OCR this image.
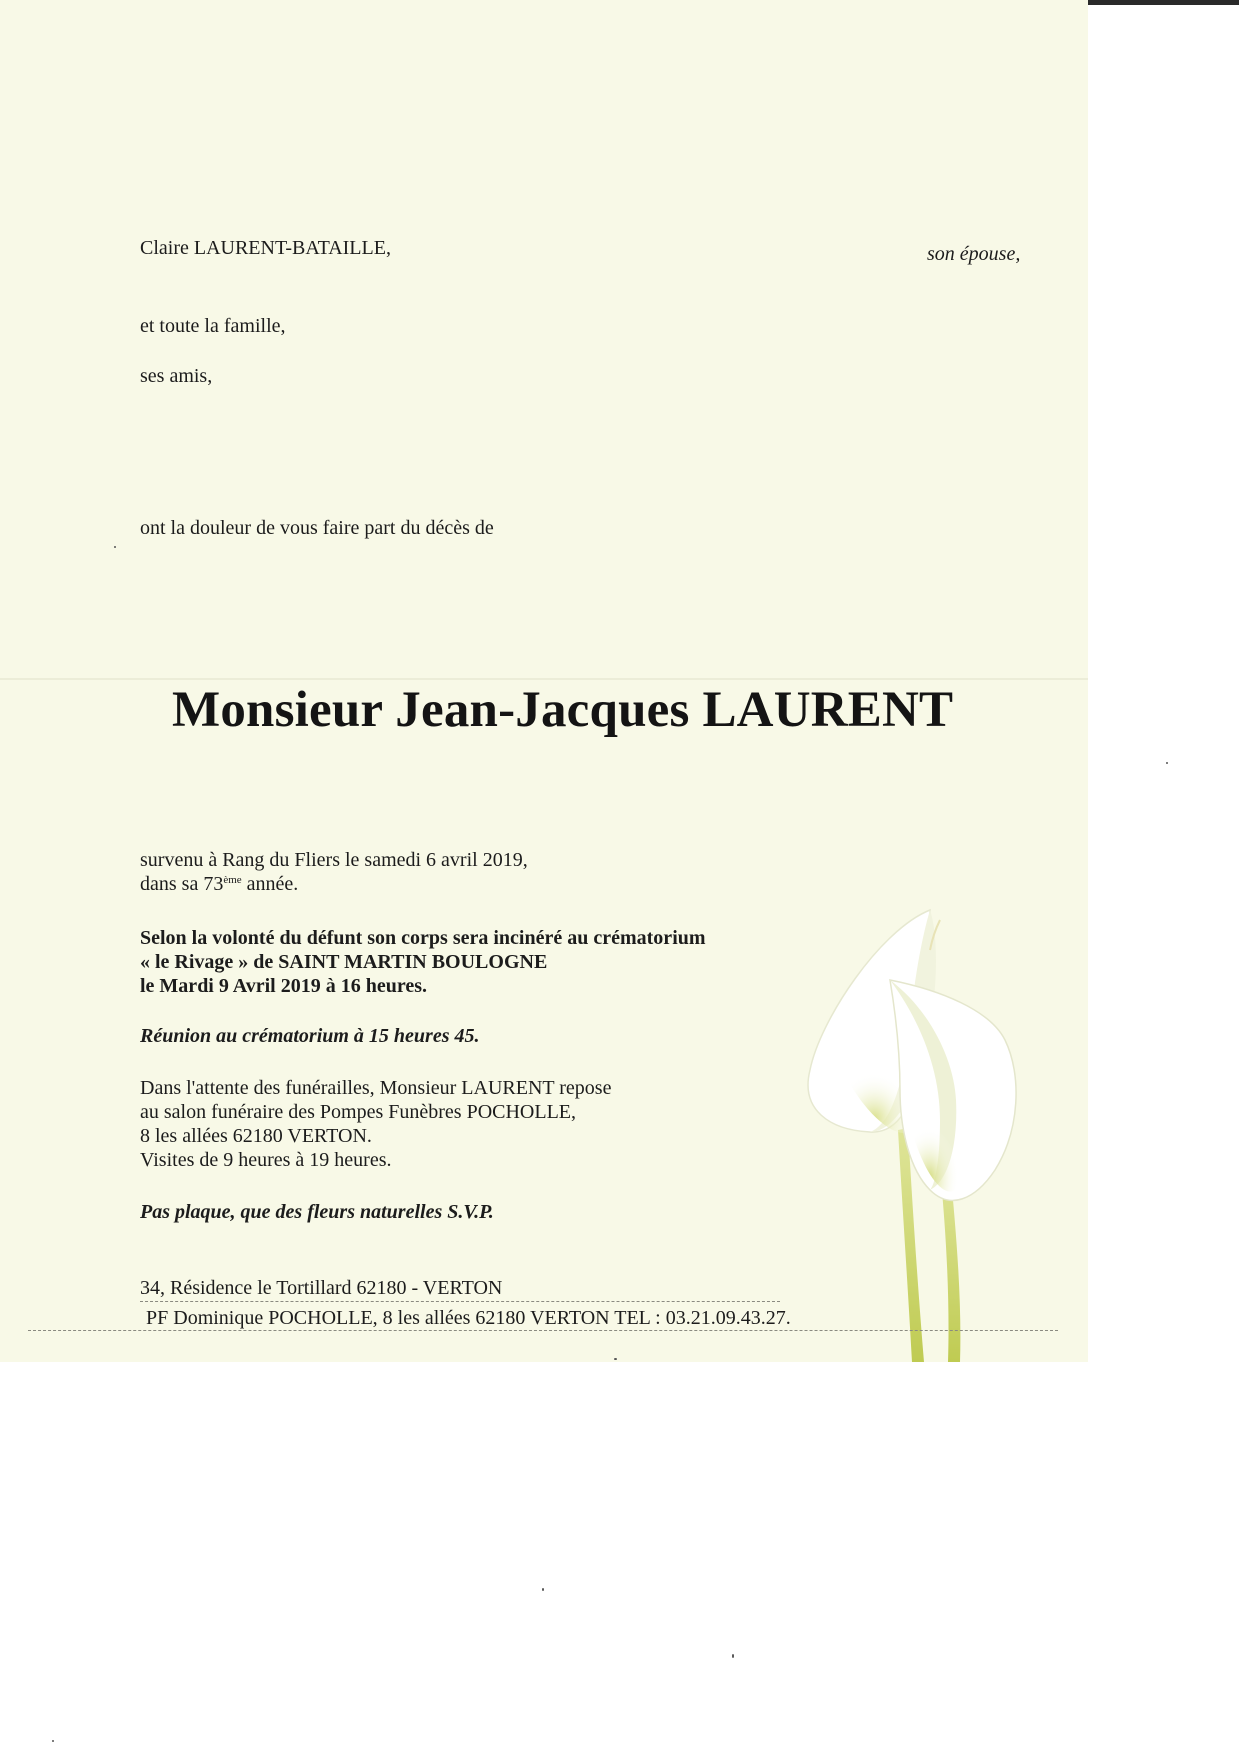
Claire LAURENT-BATAILLE,	son épouse,
et toute la famille,
ses amis,
ont la douleur de vous faire part du décès de
Monsieur Jean-Jacques LAURENT
survenu à Rang du Fliers le samedi 6 avril 2019,
dans sa 73ème année.
Selon la volonté du défunt son corps sera incinéré au crématorium
« le Rivage » de SAINT MARTIN BOULOGNE
le Mardi 9 Avril 2019 à 16 heures.
Réunion au crématorium à 15 heures 45.
Dans l'attente des funérailles, Monsieur LAURENT repose
au salon funéraire des Pompes Funèbres POCHOLLE,
8 les allées 62180 VERTON.
Visites de 9 heures à 19 heures.
Pas plaque, que des fleurs naturelles S.V.P.
34, Résidence le Tortillard 62180 - VERTON
PF Dominique POCHOLLE, 8 les allées 62180 VERTON TEL : 03.21.09.43.27.
